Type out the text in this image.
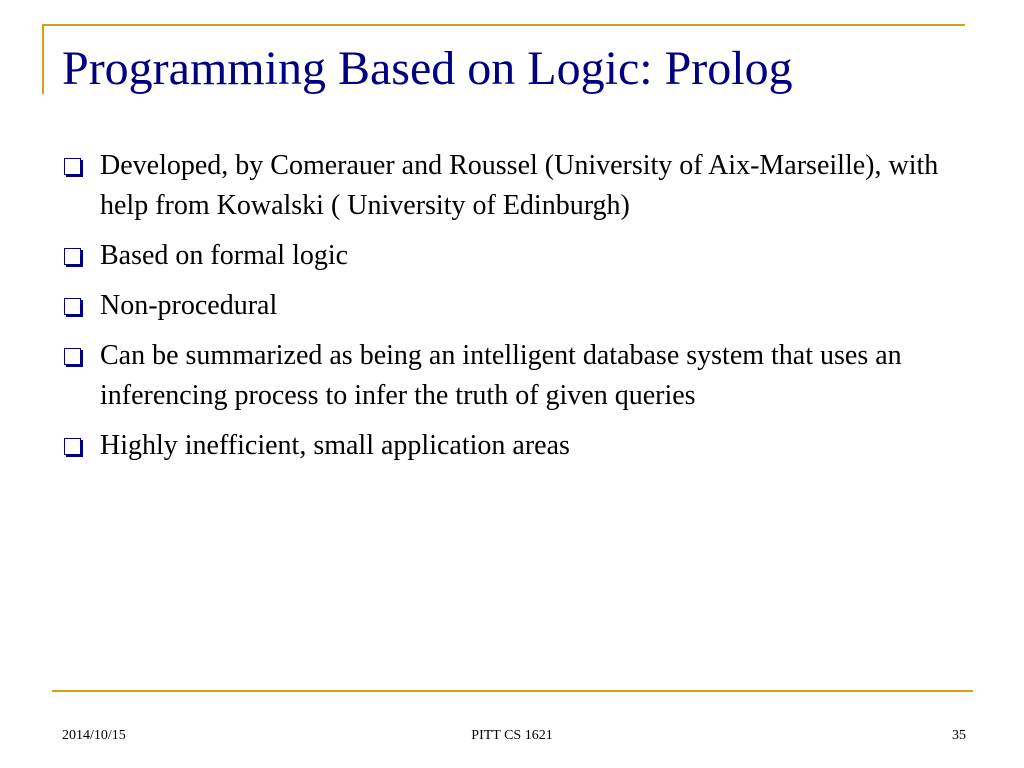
Programming Based on Logic: Prolog
Developed, by Comerauer and Roussel (University of Aix-Marseille), with help from Kowalski ( University of Edinburgh)
Based on formal logic
Non-procedural
Can be summarized as being an intelligent database system that uses an inferencing process to infer the truth of given queries
Highly inefficient, small application areas
2014/10/15	PITT CS 1621	35
